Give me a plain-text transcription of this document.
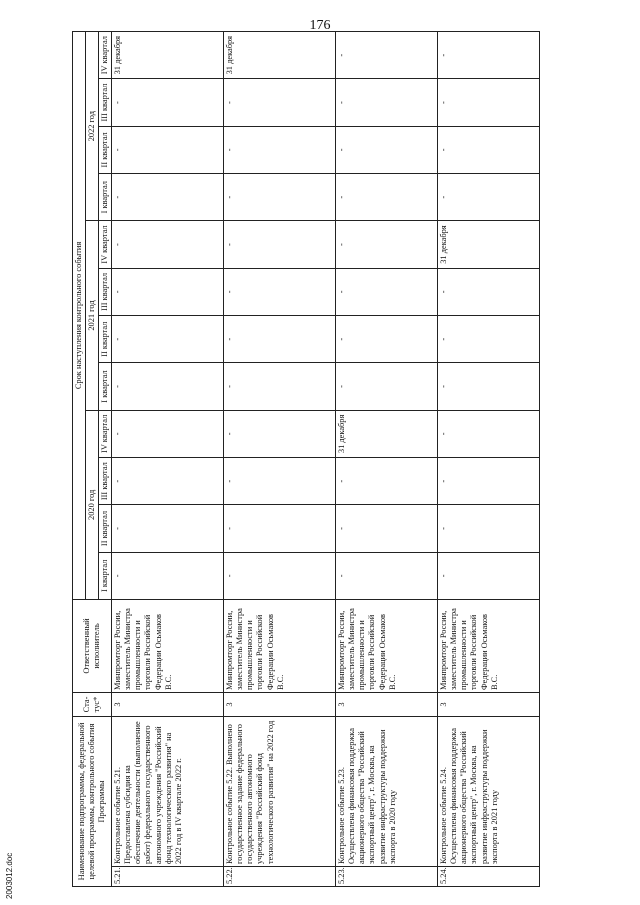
176
Наименование подпрограммы, федеральной целевой программы, контрольного события Программы		Ста-тус*	Ответственный исполнитель	Срок наступления контрольного события											
				2020 год				2021 год				2022 год			
				I квартал	II квартал	III квартал	IV квартал	I квартал	II квартал	III квартал	IV квартал	I квартал	II квартал	III квартал	IV квартал
5.21.	Контрольное событие 5.21. Предоставлена субсидия на обеспечение деятельности (выполнение работ) федерального государственного автономного учреждения "Российский фонд технологического развития" на 2022 год в IV квартале 2022 г.	3	Минпромторг России, заместитель Министра промышленности и торговли Российской Федерации Осьмаков В.С.	-	-	-	-	-	-	-	-	-	-	-	31 декабря
5.22.	Контрольное событие 5.22. Выполнено государственное задание федерального государственного автономного учреждения "Российский фонд технологического развития" на 2022 год	3	Минпромторг России, заместитель Министра промышленности и торговли Российской Федерации Осьмаков В.С.	-	-	-	-	-	-	-	-	-	-	-	31 декабря
5.23.	Контрольное событие 5.23. Осуществлена финансовая поддержка акционерного общества "Российский экспортный центр", г. Москва, на развитие инфраструктуры поддержки экспорта в 2020 году	3	Минпромторг России, заместитель Министра промышленности и торговли Российской Федерации Осьмаков В.С.	-	-	-	31 декабря	-	-	-	-	-	-	-	-
5.24.	Контрольное событие 5.24. Осуществлена финансовая поддержка акционерного общества "Российский экспортный центр", г. Москва, на развитие инфраструктуры поддержки экспорта в 2021 году	3	Минпромторг России, заместитель Министра промышленности и торговли Российской Федерации Осьмаков В.С.	-	-	-	-	-	-	-	31 декабря	-	-	-	-
2003012.doc
